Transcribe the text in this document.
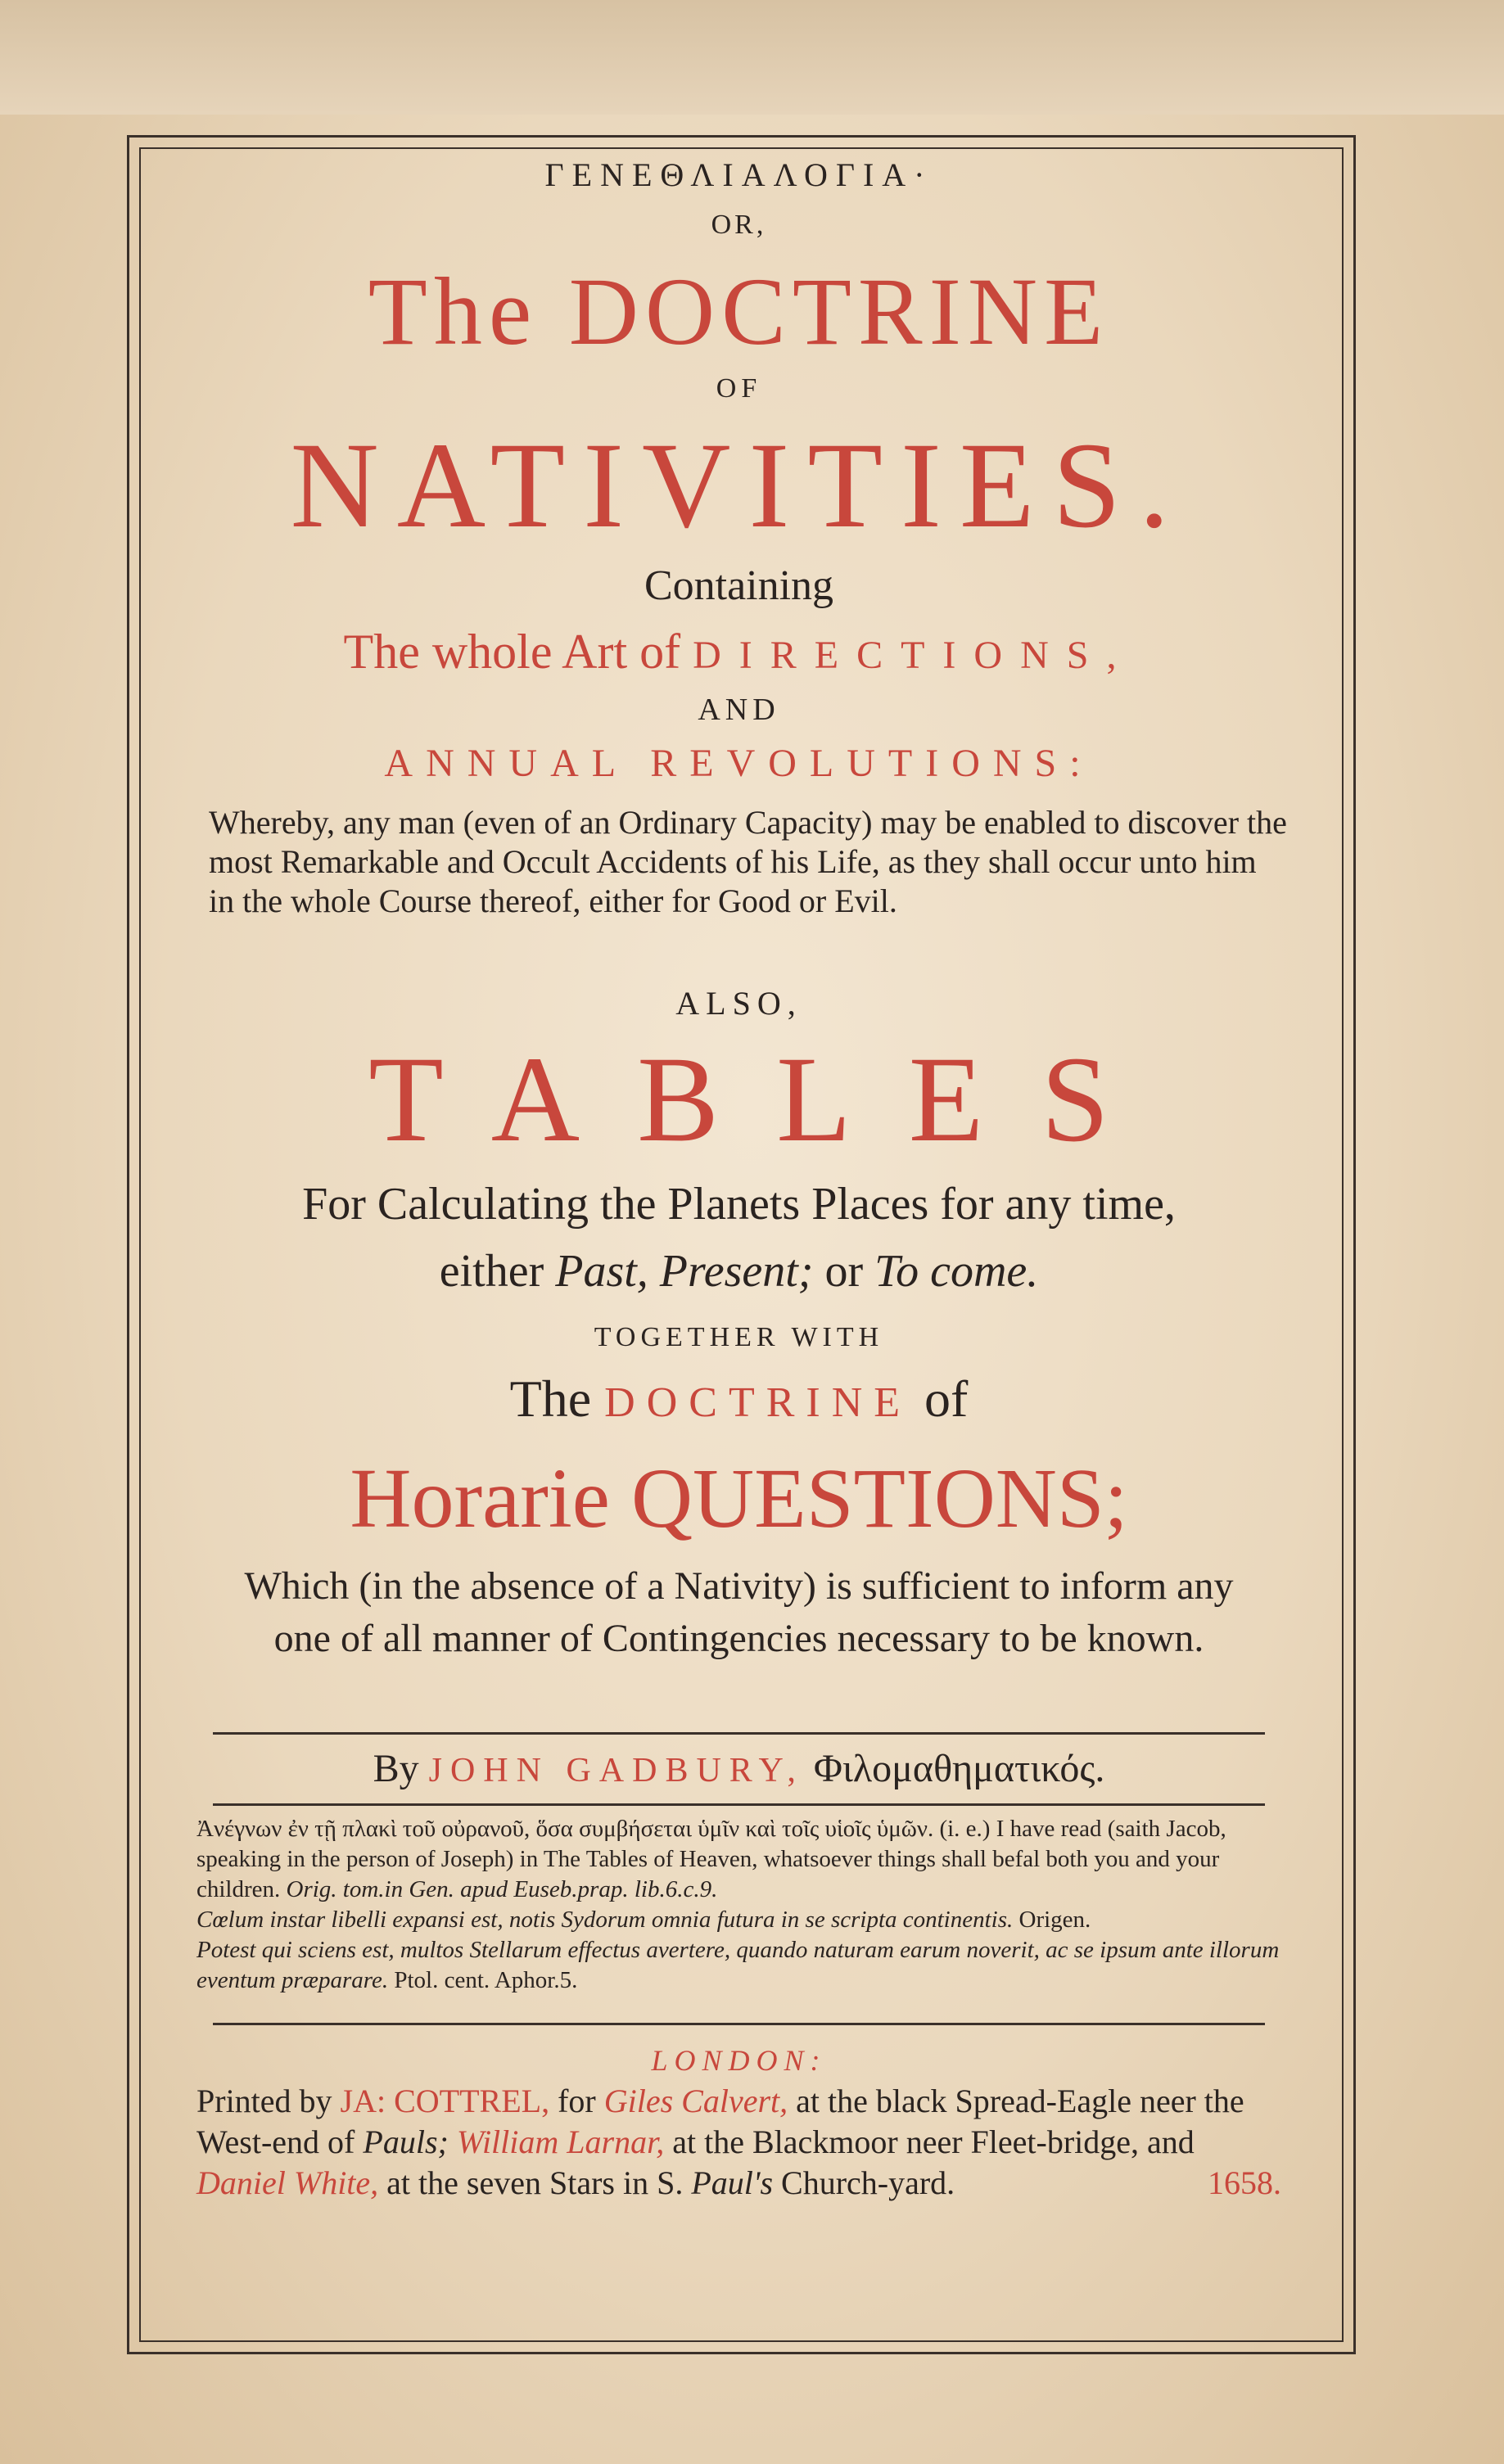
ΓΕΝΕΘΛΙΑΛΟΓΙΑ·
OR,
The DOCTRINE
OF
NATIVITIES.
Containing
The whole Art of DIRECTIONS,
AND
ANNUAL REVOLUTIONS:
Whereby, any man (even of an Ordinary Capacity) may be enabled to discover the most Remarkable and Occult Accidents of his Life, as they shall occur unto him in the whole Course thereof, either for Good or Evil.
ALSO,
TABLES
For Calculating the Planets Places for any time,
either Past, Present; or To come.
TOGETHER WITH
The DOCTRINE of
Horarie QUESTIONS;
Which (in the absence of a Nativity) is sufficient to inform any one of all manner of Contingencies necessary to be known.
By JOHN GADBURY, Φιλομαθηματικός.
Ἀνέγνων ἐν τῇ πλακὶ τοῦ οὐρανοῦ, ὅσα συμβήσεται ὑμῖν καὶ τοῖς υἱοῖς ὑμῶν. (i. e.) I have read (saith Jacob, speaking in the person of Joseph) in The Tables of Heaven, whatsoever things shall befal both you and your children. Orig. tom.in Gen. apud Euseb.prap. lib.6.c.9.
Cœlum instar libelli expansi est, notis Sydorum omnia futura in se scripta continentis. Origen.
Potest qui sciens est, multos Stellarum effectus avertere, quando naturam earum noverit, ac se ipsum ante illorum eventum præparare. Ptol. cent. Aphor.5.
LONDON:
Printed by JA: COTTREL, for Giles Calvert, at the black Spread-Eagle neer the West-end of Pauls; William Larnar, at the Blackmoor neer Fleet-bridge, and Daniel White, at the seven Stars in S. Paul's Church-yard.	1658.
